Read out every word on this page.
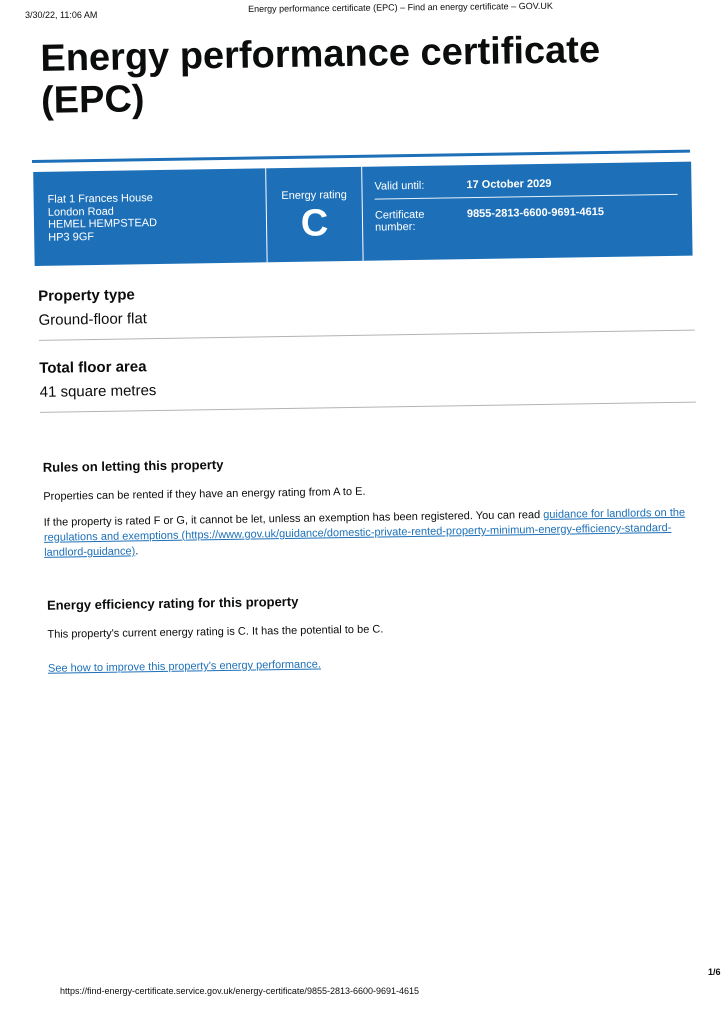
3/30/22, 11:06 AM
Energy performance certificate (EPC) – Find an energy certificate – GOV.UK
Energy performance certificate (EPC)
Flat 1 Frances House
London Road
HEMEL HEMPSTEAD
HP3 9GF
Energy rating
C
Valid until:	17 October 2029
Certificate number:
9855-2813-6600-9691-4615
Property type
Ground-floor flat
Total floor area
41 square metres
Rules on letting this property
Properties can be rented if they have an energy rating from A to E.
If the property is rated F or G, it cannot be let, unless an exemption has been registered. You can read guidance for landlords on the regulations and exemptions (https://www.gov.uk/guidance/domestic-private-rented-property-minimum-energy-efficiency-standard-landlord-guidance).
Energy efficiency rating for this property
This property's current energy rating is C. It has the potential to be C.
See how to improve this property's energy performance.
1/6
https://find-energy-certificate.service.gov.uk/energy-certificate/9855-2813-6600-9691-4615
